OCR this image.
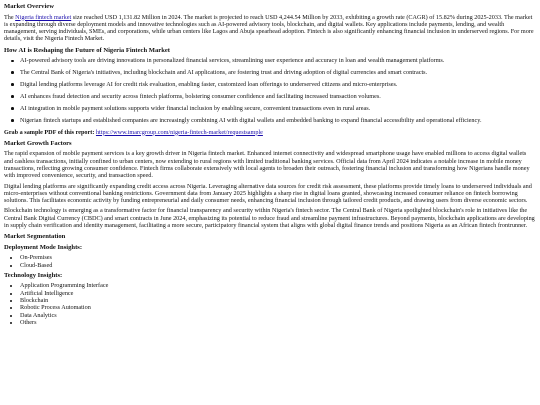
Market Overview

The Nigeria fintech market size reached USD 1,131.82 Million in 2024. The market is projected to reach USD 4,244.54 Million by 2033, exhibiting a growth rate (CAGR) of 15.82% during 2025-2033. The market is expanding through diverse deployment models and innovative technologies such as AI-powered advisory tools, blockchain, and digital wallets. Key applications include payments, lending, and wealth management, serving individuals, SMEs, and corporations, while urban centers like Lagos and Abuja spearhead adoption. Fintech is also significantly enhancing financial inclusion in underserved regions. For more details, visit the Nigeria Fintech Market.

How AI is Reshaping the Future of Nigeria Fintech Market
AI-powered advisory tools are driving innovations in personalized financial services, streamlining user experience and accuracy in loan and wealth management platforms.
The Central Bank of Nigeria's initiatives, including blockchain and AI applications, are fostering trust and driving adoption of digital currencies and smart contracts.
Digital lending platforms leverage AI for credit risk evaluation, enabling faster, customized loan offerings to underserved citizens and micro-enterprises.
AI enhances fraud detection and security across fintech platforms, bolstering consumer confidence and facilitating increased transaction volumes.
AI integration in mobile payment solutions supports wider financial inclusion by enabling secure, convenient transactions even in rural areas.
Nigerian fintech startups and established companies are increasingly combining AI with digital wallets and embedded banking to expand financial accessibility and operational efficiency.

Grab a sample PDF of this report: https://www.imarcgroup.com/nigeria-fintech-market/requestsample

Market Growth Factors

The rapid expansion of mobile payment services is a key growth driver in Nigeria fintech market. Enhanced internet connectivity and widespread smartphone usage have enabled millions to access digital wallets and cashless transactions, initially confined to urban centers, now extending to rural regions with limited traditional banking services. Official data from April 2024 indicates a notable increase in mobile money transactions, reflecting growing consumer confidence. Fintech firms collaborate extensively with local agents to broaden their outreach, fostering financial inclusion and transforming how Nigerians handle money with improved convenience, security, and transaction speed.

Digital lending platforms are significantly expanding credit access across Nigeria. Leveraging alternative data sources for credit risk assessment, these platforms provide timely loans to underserved individuals and micro-enterprises without conventional banking restrictions. Government data from January 2025 highlights a sharp rise in digital loans granted, showcasing increased consumer reliance on fintech borrowing solutions. This facilitates economic activity by funding entrepreneurial and daily consumer needs, enhancing financial inclusion through tailored credit products, and drawing users from diverse economic sectors.

Blockchain technology is emerging as a transformative factor for financial transparency and security within Nigeria's fintech sector. The Central Bank of Nigeria spotlighted blockchain's role in initiatives like the Central Bank Digital Currency (CBDC) and smart contracts in June 2024, emphasizing its potential to reduce fraud and streamline payment infrastructures. Beyond payments, blockchain applications are developing in supply chain verification and identity management, facilitating a more secure, participatory financial system that aligns with global digital finance trends and positions Nigeria as an African fintech frontrunner.

Market Segmentation
Deployment Mode Insights:
• On-Premises
• Cloud-Based
Technology Insights:
• Application Programming Interface
• Artificial Intelligence
• Blockchain
• Robotic Process Automation
• Data Analytics
• Others
